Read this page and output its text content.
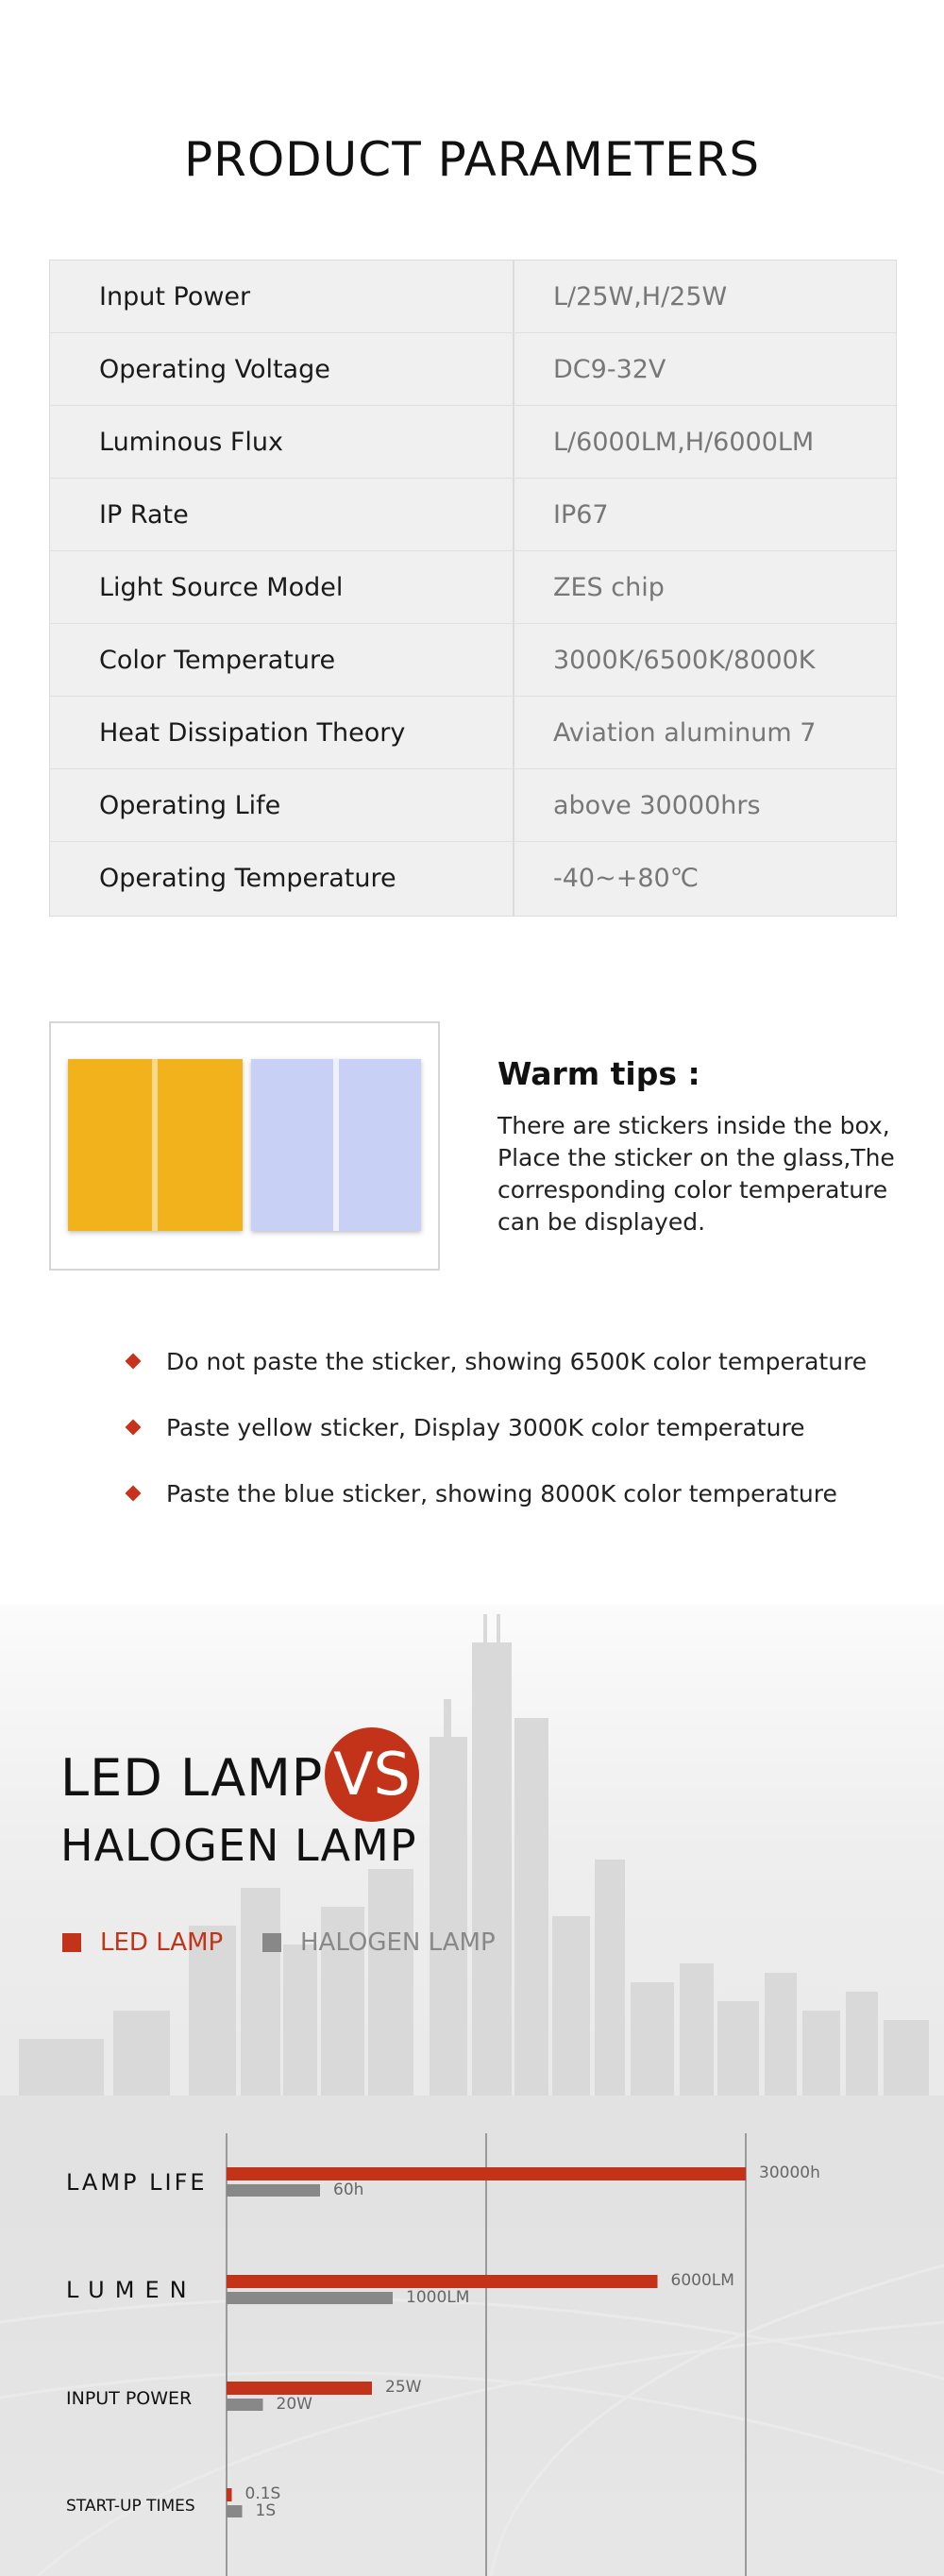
PRODUCT PARAMETERS
Input Power	L/25W,H/25W
Operating Voltage	DC9-32V
Luminous Flux	L/6000LM,H/6000LM
IP Rate	IP67
Light Source Model	ZES chip
Color Temperature	3000K/6500K/8000K
Heat Dissipation Theory	Aviation aluminum 7
Operating Life	above 30000hrs
Operating Temperature	-40~+80℃
Warm tips :
There are stickers inside the box, Place the sticker on the glass,The corresponding color temperature can be displayed.
Do not paste the sticker, showing 6500K color temperature
Paste yellow sticker, Display 3000K color temperature
Paste the blue sticker, showing 8000K color temperature
LED LAMP VS
HALOGEN LAMP
LED LAMP	HALOGEN LAMP
LAMP LIFE	30000h
60h
LUMEN	6000LM
1000LM
INPUT POWER
25W
20W
START-UP TIMES
0.1S
1S
